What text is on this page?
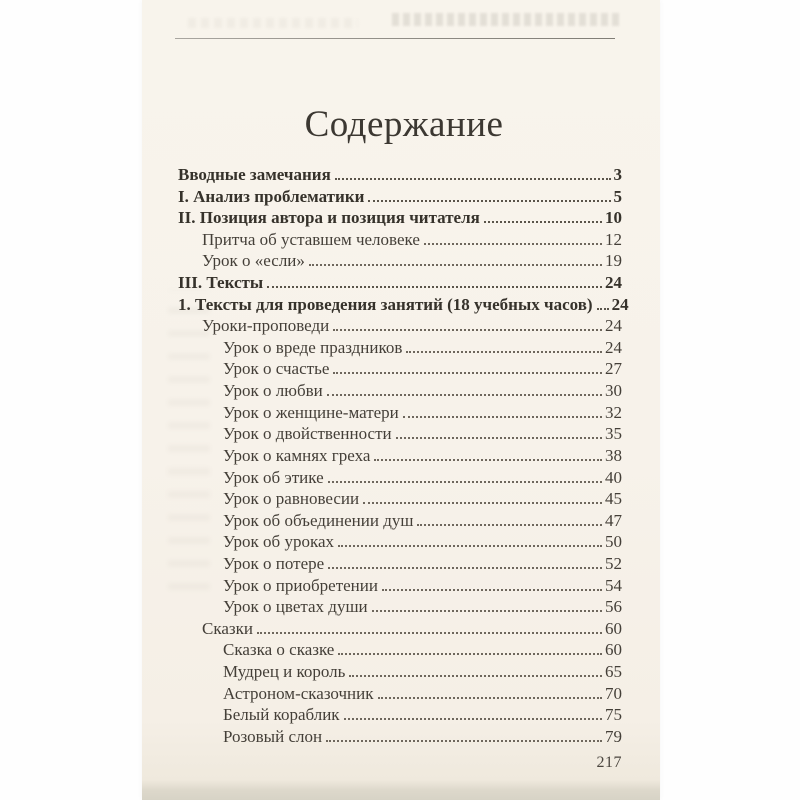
Содержание
Вводные замечания	3
I. Анализ проблематики	5
II. Позиция автора и позиция читателя	10
Притча об уставшем человеке	12
Урок о «если»	19
III. Тексты	24
1. Тексты для проведения занятий (18 учебных часов) 24
Уроки-проповеди	24
Урок о вреде праздников	24
Урок о счастье	27
Урок о любви	30
Урок о женщине-матери	32
Урок о двойственности	35
Урок о камнях греха	38
Урок об этике	40
Урок о равновесии	45
Урок об объединении душ	47
Урок об уроках	50
Урок о потере	52
Урок о приобретении	54
Урок о цветах души	56
Сказки	60
Сказка о сказке	60
Мудрец и король	65
Астроном-сказочник	70
Белый кораблик	75
Розовый слон	79
217
